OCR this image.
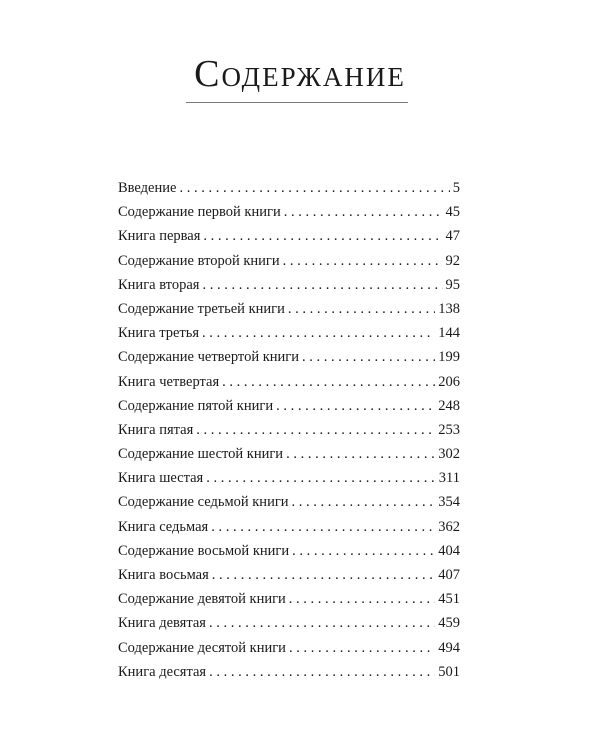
Содержание
Введение . . .	5
Содержание первой книги . . .	45
Книга первая . . .	47
Содержание второй книги . . .	92
Книга вторая . . .	95
Содержание третьей книги . . .	138
Книга третья . . .	144
Содержание четвертой книги . . .	199
Книга четвертая . . .	206
Содержание пятой книги . . .	248
Книга пятая . . .	253
Содержание шестой книги . . .	302
Книга шестая . . .	311
Содержание седьмой книги . . .	354
Книга седьмая . . .	362
Содержание восьмой книги . . .	404
Книга восьмая . . .	407
Содержание девятой книги . . .	451
Книга девятая . . .	459
Содержание десятой книги . . .	494
Книга десятая . . .	501
